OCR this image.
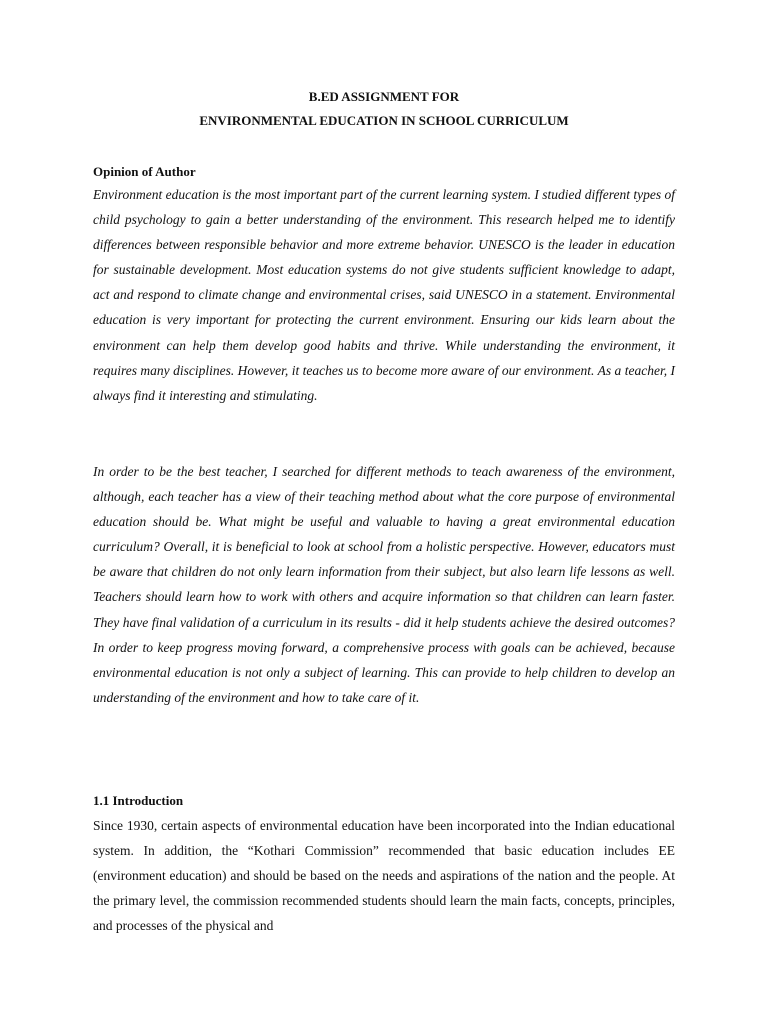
B.ED ASSIGNMENT FOR
ENVIRONMENTAL EDUCATION IN SCHOOL CURRICULUM
Opinion of Author

Environment education is the most important part of the current learning system. I studied different types of child psychology to gain a better understanding of the environment. This research helped me to identify differences between responsible behavior and more extreme behavior. UNESCO is the leader in education for sustainable development. Most education systems do not give students sufficient knowledge to adapt, act and respond to climate change and environmental crises, said UNESCO in a statement. Environmental education is very important for protecting the current environment. Ensuring our kids learn about the environment can help them develop good habits and thrive. While understanding the environment, it requires many disciplines. However, it teaches us to become more aware of our environment. As a teacher, I always find it interesting and stimulating.

In order to be the best teacher, I searched for different methods to teach awareness of the environment, although, each teacher has a view of their teaching method about what the core purpose of environmental education should be. What might be useful and valuable to having a great environmental education curriculum? Overall, it is beneficial to look at school from a holistic perspective. However, educators must be aware that children do not only learn information from their subject, but also learn life lessons as well. Teachers should learn how to work with others and acquire information so that children can learn faster. They have final validation of a curriculum in its results - did it help students achieve the desired outcomes? In order to keep progress moving forward, a comprehensive process with goals can be achieved, because environmental education is not only a subject of learning. This can provide to help children to develop an understanding of the environment and how to take care of it.

1.1 Introduction

Since 1930, certain aspects of environmental education have been incorporated into the Indian educational system. In addition, the “Kothari Commission” recommended that basic education includes EE (environment education) and should be based on the needs and aspirations of the nation and the people. At the primary level, the commission recommended students should learn the main facts, concepts, principles, and processes of the physical and
